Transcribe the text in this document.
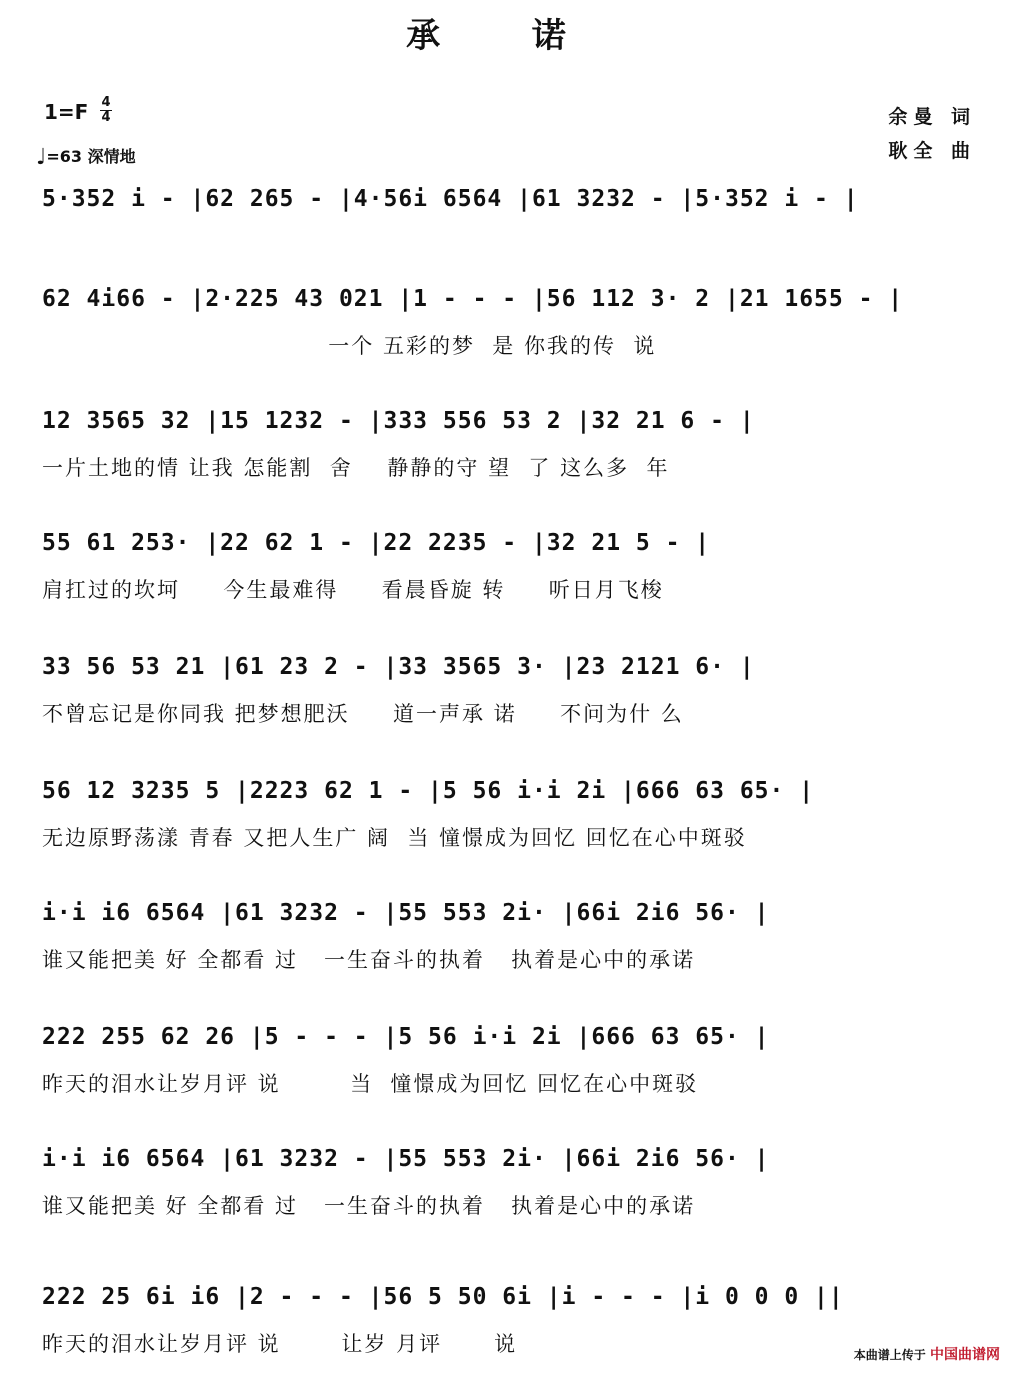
承 诺
1=F 4
4
♩=63 深情地
余曼 词
耿全 曲
5·352 i - |62 265 - |4·56i 6564 |61 3232 - |5·352 i - |
62 4i66 - |2·225 43 021 |1 - - - |56 112 3· 2 |21 1655 - |
一个 五彩的梦  是 你我的传  说
12 3565 32 |15 1232 - |333 556 53 2 |32 21 6 - |
一片土地的情 让我 怎能割  舍    静静的守 望  了 这么多  年
55 61 253· |22 62 1 - |22 2235 - |32 21 5 - |
肩扛过的坎坷     今生最难得     看晨昏旋 转     听日月飞梭
33 56 53 21 |61 23 2 - |33 3565 3· |23 2121 6· |
不曾忘记是你同我 把梦想肥沃     道一声承 诺     不问为什 么
56 12 3235 5 |2223 62 1 - |5 56 i·i 2i |666 63 65· |
无边原野荡漾 青春 又把人生广 阔  当 憧憬成为回忆 回忆在心中斑驳
i·i i6 6564 |61 3232 - |55 553 2i· |66i 2i6 56· |
谁又能把美 好 全都看 过   一生奋斗的执着   执着是心中的承诺
222 255 62 26 |5 - - - |5 56 i·i 2i |666 63 65· |
昨天的泪水让岁月评 说        当  憧憬成为回忆 回忆在心中斑驳
i·i i6 6564 |61 3232 - |55 553 2i· |66i 2i6 56· |
谁又能把美 好 全都看 过   一生奋斗的执着   执着是心中的承诺
222 25 6i i6 |2 - - - |56 5 50 6i |i - - - |i 0 0 0 ||
昨天的泪水让岁月评 说       让岁 月评      说	本曲谱上传于 中国曲谱网
